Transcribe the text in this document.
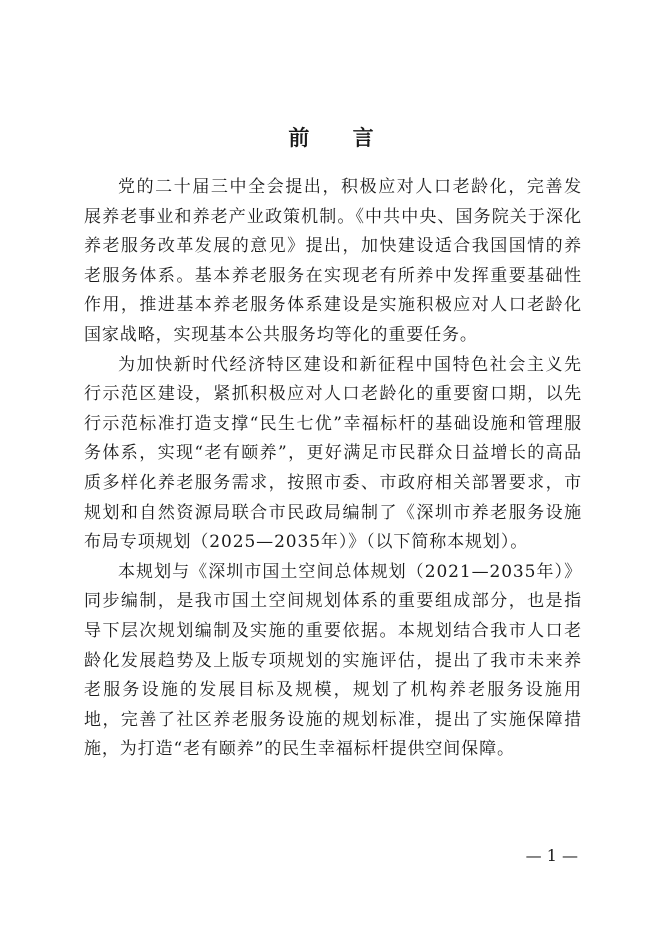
前 言

党的二十届三中全会提出，积极应对人口老龄化，完善发展养老事业和养老产业政策机制。《中共中央、国务院关于深化养老服务改革发展的意见》提出，加快建设适合我国国情的养老服务体系。基本养老服务在实现老有所养中发挥重要基础性作用，推进基本养老服务体系建设是实施积极应对人口老龄化国家战略，实现基本公共服务均等化的重要任务。

为加快新时代经济特区建设和新征程中国特色社会主义先行示范区建设，紧抓积极应对人口老龄化的重要窗口期，以先行示范标准打造支撑“民生七优”幸福标杆的基础设施和管理服务体系，实现“老有颐养”，更好满足市民群众日益增长的高品质多样化养老服务需求，按照市委、市政府相关部署要求，市规划和自然资源局联合市民政局编制了《深圳市养老服务设施布局专项规划（2025—2035年）》（以下简称本规划）。

本规划与《深圳市国土空间总体规划（2021—2035年）》同步编制，是我市国土空间规划体系的重要组成部分，也是指导下层次规划编制及实施的重要依据。本规划结合我市人口老龄化发展趋势及上版专项规划的实施评估，提出了我市未来养老服务设施的发展目标及规模，规划了机构养老服务设施用地，完善了社区养老服务设施的规划标准，提出了实施保障措施，为打造“老有颐养”的民生幸福标杆提供空间保障。

— 1 —
